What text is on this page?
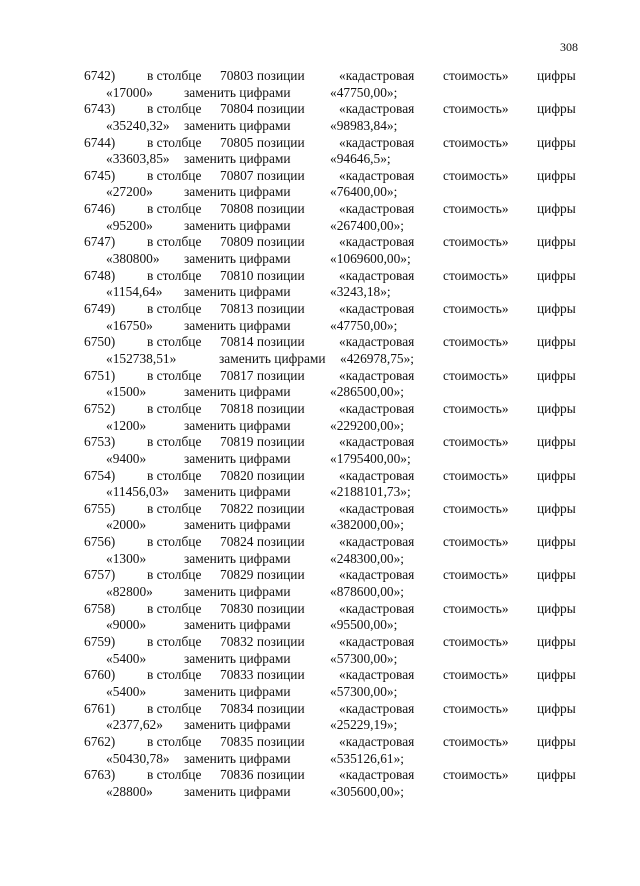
308
6742) в столбце 70803 позиции	«кадастровая стоимость» цифры
«17000» заменить цифрами	«47750,00»;
6743) в столбце 70804 позиции	«кадастровая стоимость» цифры
«35240,32» заменить цифрами	«98983,84»;
6744) в столбце 70805 позиции	«кадастровая стоимость» цифры
«33603,85» заменить цифрами	«94646,5»;
6745) в столбце 70807 позиции	«кадастровая стоимость» цифры
«27200» заменить цифрами	«76400,00»;
6746) в столбце 70808 позиции	«кадастровая стоимость» цифры
«95200» заменить цифрами	«267400,00»;
6747) в столбце 70809 позиции	«кадастровая стоимость» цифры
«380800» заменить цифрами	«1069600,00»;
6748) в столбце 70810 позиции	«кадастровая стоимость» цифры
«1154,64» заменить цифрами	«3243,18»;
6749) в столбце 70813 позиции	«кадастровая стоимость» цифры
«16750» заменить цифрами	«47750,00»;
6750) в столбце 70814 позиции	«кадастровая стоимость» цифры
«152738,51»	заменить цифрами «426978,75»;
6751) в столбце 70817 позиции	«кадастровая стоимость» цифры
«1500»	заменить цифрами	«286500,00»;
6752) в столбце 70818 позиции	«кадастровая стоимость» цифры
«1200»	заменить цифрами	«229200,00»;
6753) в столбце 70819 позиции	«кадастровая стоимость» цифры
«9400»	заменить цифрами	«1795400,00»;
6754) в столбце 70820 позиции	«кадастровая стоимость» цифры
«11456,03» заменить цифрами	«2188101,73»;
6755) в столбце 70822 позиции	«кадастровая стоимость» цифры
«2000»	заменить цифрами	«382000,00»;
6756) в столбце 70824 позиции	«кадастровая стоимость» цифры
«1300»	заменить цифрами	«248300,00»;
6757) в столбце 70829 позиции	«кадастровая стоимость» цифры
«82800» заменить цифрами	«878600,00»;
6758) в столбце 70830 позиции	«кадастровая стоимость» цифры
«9000»	заменить цифрами	«95500,00»;
6759) в столбце 70832 позиции	«кадастровая стоимость» цифры
«5400»	заменить цифрами	«57300,00»;
6760) в столбце 70833 позиции	«кадастровая стоимость» цифры
«5400»	заменить цифрами	«57300,00»;
6761) в столбце 70834 позиции	«кадастровая стоимость» цифры
«2377,62» заменить цифрами	«25229,19»;
6762) в столбце 70835 позиции	«кадастровая стоимость» цифры
«50430,78» заменить цифрами	«535126,61»;
6763) в столбце 70836 позиции	«кадастровая стоимость» цифры
«28800» заменить цифрами	«305600,00»;
